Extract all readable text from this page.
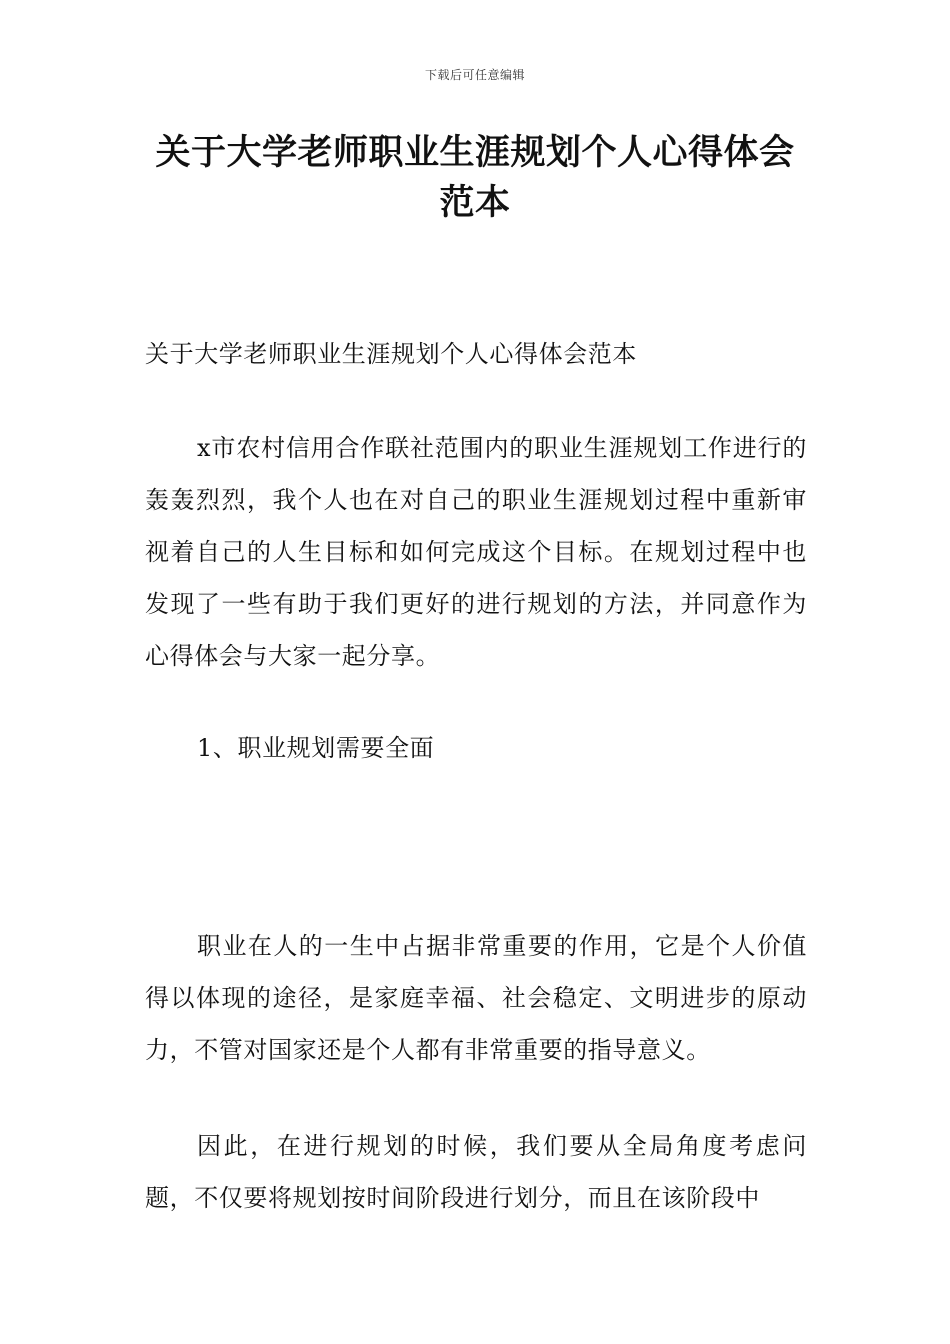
下载后可任意编辑
关于大学老师职业生涯规划个人心得体会
范本

关于大学老师职业生涯规划个人心得体会范本

x市农村信用合作联社范围内的职业生涯规划工作进行的轰轰烈烈，我个人也在对自己的职业生涯规划过程中重新审视着自己的人生目标和如何完成这个目标。在规划过程中也发现了一些有助于我们更好的进行规划的方法，并同意作为心得体会与大家一起分享。

1、职业规划需要全面

职业在人的一生中占据非常重要的作用，它是个人价值得以体现的途径，是家庭幸福、社会稳定、文明进步的原动力，不管对国家还是个人都有非常重要的指导意义。

因此，在进行规划的时候，我们要从全局角度考虑问题，不仅要将规划按时间阶段进行划分，而且在该阶段中
